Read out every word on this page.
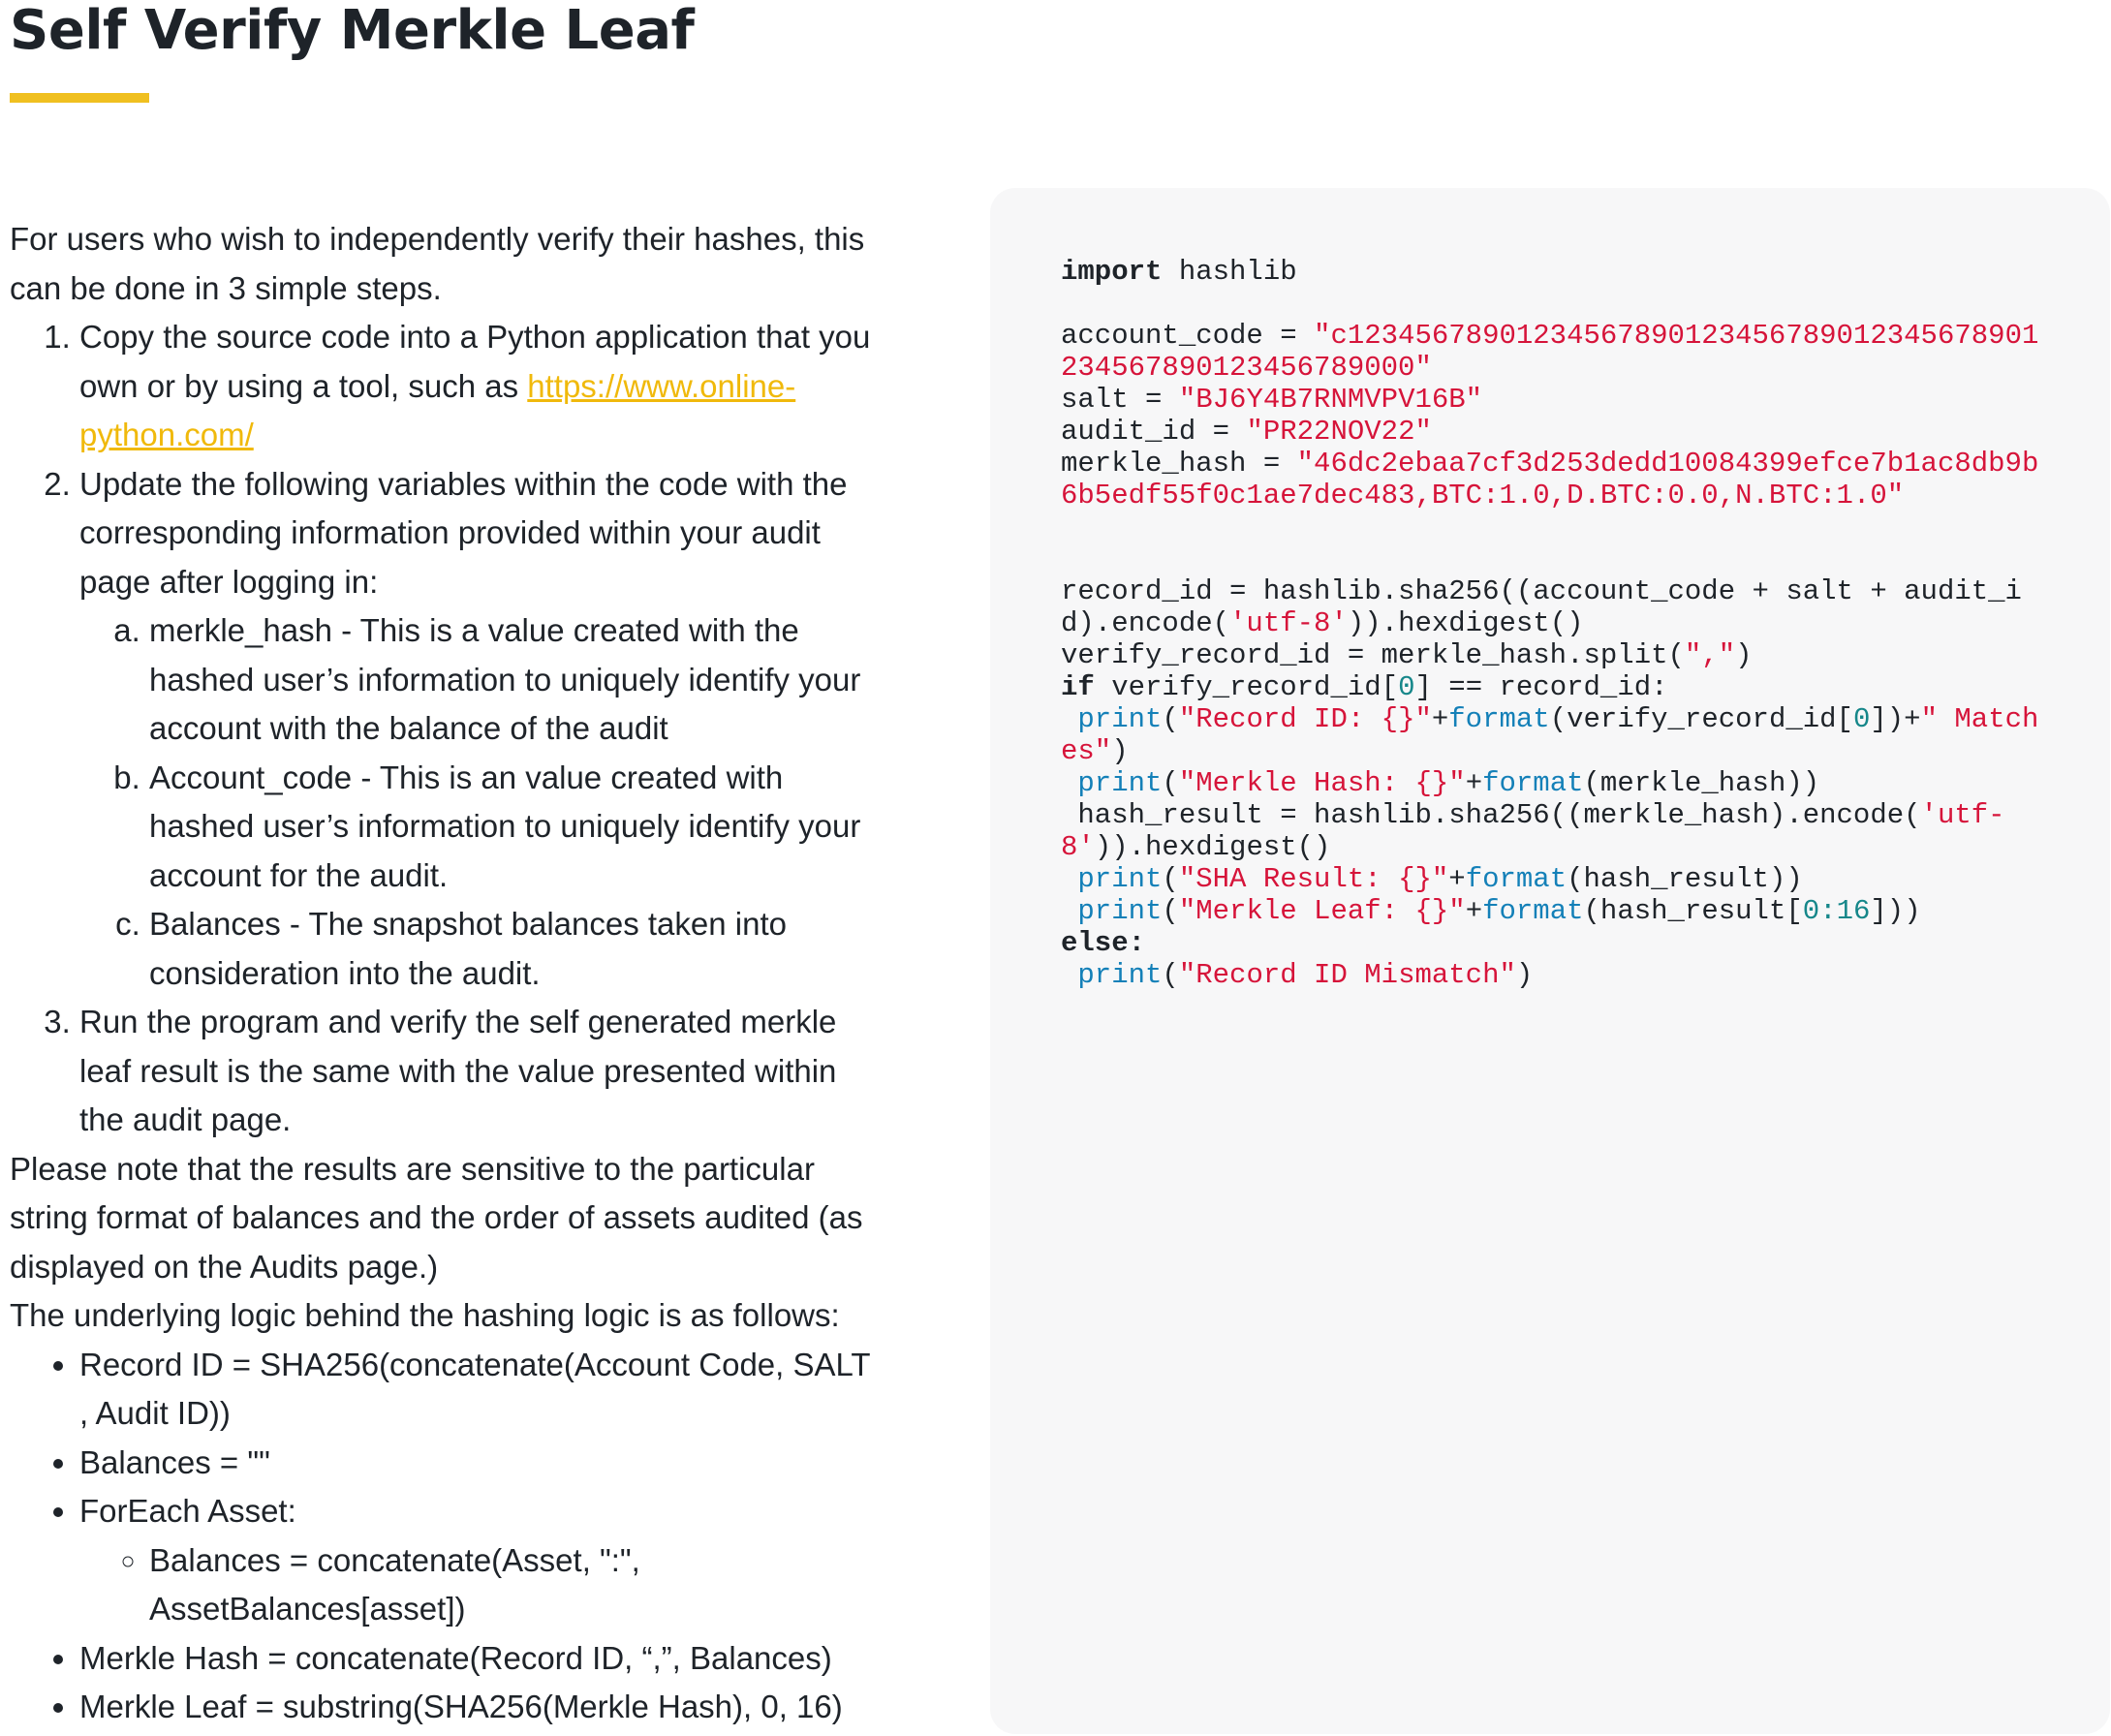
Self Verify Merkle Leaf

For users who wish to independently verify their hashes, this can be done in 3 simple steps.

1. Copy the source code into a Python application that you own or by using a tool, such as https://www.online-python.com/
2. Update the following variables within the code with the corresponding information provided within your audit page after logging in:
a. merkle_hash - This is a value created with the hashed user’s information to uniquely identify your account with the balance of the audit
b. Account_code - This is an value created with hashed user’s information to uniquely identify your account for the audit.
c. Balances - The snapshot balances taken into consideration into the audit.
3. Run the program and verify the self generated merkle leaf result is the same with the value presented within the audit page.

Please note that the results are sensitive to the particular string format of balances and the order of assets audited (as displayed on the Audits page.)

The underlying logic behind the hashing logic is as follows:

• Record ID = SHA256(concatenate(Account Code, SALT , Audit ID))
• Balances = ""
• ForEach Asset:
◦ Balances = concatenate(Asset, ":", AssetBalances[asset])
• Merkle Hash = concatenate(Record ID, “,”, Balances)
• Merkle Leaf = substring(SHA256(Merkle Hash), 0, 16)
import hashlib
account_code = "c12345678901234567890123456789012345678901
234567890123456789000"
salt = "BJ6Y4B7RNMVPV16B"
audit_id = "PR22NOV22"
merkle_hash = "46dc2ebaa7cf3d253dedd10084399efce7b1ac8db9b
6b5edf55f0c1ae7dec483,BTC:1.0,D.BTC:0.0,N.BTC:1.0"
record_id = hashlib.sha256((account_code + salt + audit_i
d).encode('utf-8')).hexdigest()
verify_record_id = merkle_hash.split(",")
if verify_record_id[0] == record_id:
print("Record ID: {}"+format(verify_record_id[0])+" Match
es")
print("Merkle Hash: {}"+format(merkle_hash))
hash_result = hashlib.sha256((merkle_hash).encode('utf-
8')).hexdigest()
print("SHA Result: {}"+format(hash_result))
print("Merkle Leaf: {}"+format(hash_result[0:16]))
else:
print("Record ID Mismatch")
